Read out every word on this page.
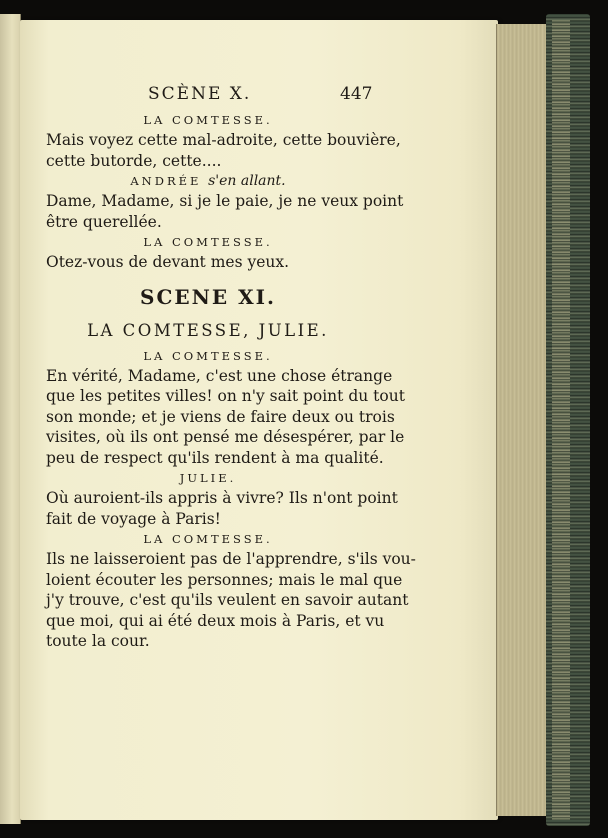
SCÈNE X.	447

LA COMTESSE.

Mais voyez cette mal-adroite, cette bouvière,
cette butorde, cette....

ANDRÉE s'en allant.

Dame, Madame, si je le paie, je ne veux point
être querellée.

LA COMTESSE.

Otez-vous de devant mes yeux.

SCENE XI.
LA COMTESSE, JULIE.

LA COMTESSE.

En vérité, Madame, c'est une chose étrange
que les petites villes! on n'y sait point du tout
son monde; et je viens de faire deux ou trois
visites, où ils ont pensé me désespérer, par le
peu de respect qu'ils rendent à ma qualité.

JULIE.

Où auroient-ils appris à vivre? Ils n'ont point
fait de voyage à Paris!

LA COMTESSE.

Ils ne laisseroient pas de l'apprendre, s'ils vou-
loient écouter les personnes; mais le mal que
j'y trouve, c'est qu'ils veulent en savoir autant
que moi, qui ai été deux mois à Paris, et vu
toute la cour.
